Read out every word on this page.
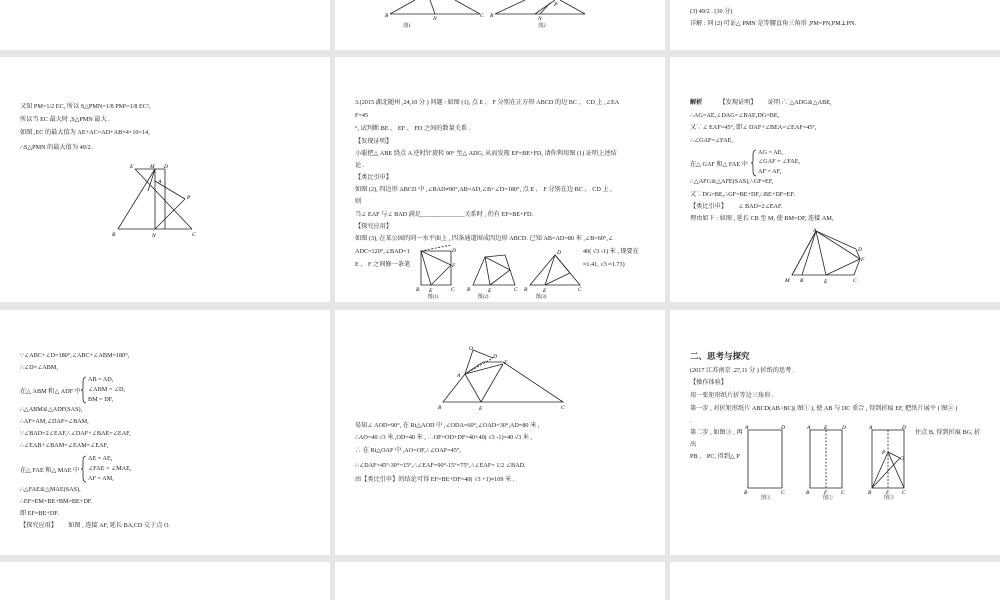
B	N	C B	N
P
图1	图2
(3) 49/2 . (10 分)
详解 : 同 (2) 可证△ PMN 是等腰直角三角形 ,PM=PN,PM⊥PN.
又知 PM=1/2 EC, 所以 S△PMN=1/8 PM²=1/8 EC²,
所以当 EC 最大时 ,S△PMN 最大 .
如图 ,EC 的最大值为 AE+AC=AD+AB=4+10=14,
∴S△PMN 的最大值为 49/2 .
E	M D
A
P
B	N	C
3.(2015 湖北随州 ,24,10 分 ) 问题 : 如图 (1), 点 E 、 F 分别在正方形 ABCD 的边 BC 、 CD 上 ,∠EA
F=45
°, 试判断 BE 、 EF 、 FD 之间的数量关系 .
【发现证明】
小聪把△ ABE 绕点 A 逆时针旋转 90° 至△ ADG, 从而发现 EF=BE+FD, 请你利用图 (1) 证明上述结
论 .
【类比引申】
如图 (2), 四边形 ABCD 中 ,∠BAD≠90°,AB=AD,∠B+∠D=180°, 点 E 、 F 分别在边 BC 、 CD 上 ,
则
当∠ EAF 与∠ BAD 满足______________关系时 , 仍有 EF=BE+FD.
【探究应用】
如图 (3), 在某公园的同一水平面上 , 四条通道围成四边形 ABCD. 已知 AB=AD=80 米 ,∠B=60°,∠
ADC=120°,∠BAD=1	40( √3 -1) 米 , 现要在
E 、 F 之间修一条笔	≈1.41, √3 ≈1.73)
B E	C
F
D
B	E	C B	E	C
D
图(1)	图(2)	图(3)
解析	【发现证明】 证明 :∵△ADG≌△ABE,
∴AG=AE,∠DAG=∠BAE,DG=BE,
又∵∠ EAF=45°, 即∠ DAF+∠BEA=∠EAF=45°,
∴∠GAF=∠FAE,
在△ GAF 和△ FAE 中
AG = AE,
∠GAF = ∠FAE,
AF = AF,
∴△AFG≌△AFE(SAS),∴GF=EF,
又∵DG=BE,∴GF=BE+DF,∴BE+DF=EF.
【类比引申】 ∠ BAD=2∠EAF.
理由如下 : 如图 , 延长 CB 至 M, 使 BM=DF, 连接 AM,
A
M B	E	C
F
D
∵∠ABC+∠D=180°,∠ABC+∠ABM=180°,
∴∠D=∠ABM,
在△ ABM 和△ ADF 中
AB = AD,
∠ABM = ∠D,
BM = DF,
∴△ABM≌△ADF(SAS),
∴AF=AM,∠DAF=∠BAM,
∵∠BAD=2∠EAF,∴∠DAF+∠BAE=∠EAF,
∴∠EAB+∠BAM=∠EAM=∠EAF,
在△ FAE 和△ MAE 中
AE = AE,
∠FAE = ∠MAE,
AF = AM,
∴△FAE≌△MAE(SAS),
∴EF=EM=BE+BM=BE+DF.
即 EF=BE+DF.
【探究应用】 如图 , 连接 AF, 延长 BA,CD 交于点 O.
O
D
F
A
B	E	C
易知∠ AOD=90°, 在 Rt△AOD 中 ,∠ODA=60°,∠OAD=30°,AD=80 米 ,
∴AO=40 √3 米 ,OD=40 米 , ∴OF=OD+DF=40+40( √3 -1)=40 √3 米 ,
∴ 在 Rt△OAF 中 ,AO=OF,∴∠OAF=45°,
∴∠DAF=45°-30°=15°,∴∠EAF=90°-15°=75°,∴∠EAF= 1/2 ∠BAD.
由【类比引申】的结论可得 EF=BE+DF=40( √3 +1)≈109 米 .
二、思考与探究
(2017 江苏南京 ,27,11 分 ) 折纸的思考 .
【操作体验】
用一张矩形纸片折等边三角形 .
第一步 , 对折矩形纸片 ABCD(AB>BC)( 图① ), 使 AB 与 DC 重合 , 得到折痕 EF, 把纸片展平 ( 图② )
.
第二步 , 如图③ , 再	住点 B, 得到折痕 BG, 折
出
PB 、 PC, 得到△ P
A	D
B	C
A E	D
B	F C
A	D
P
G
B	F C
图①	图②	图③
